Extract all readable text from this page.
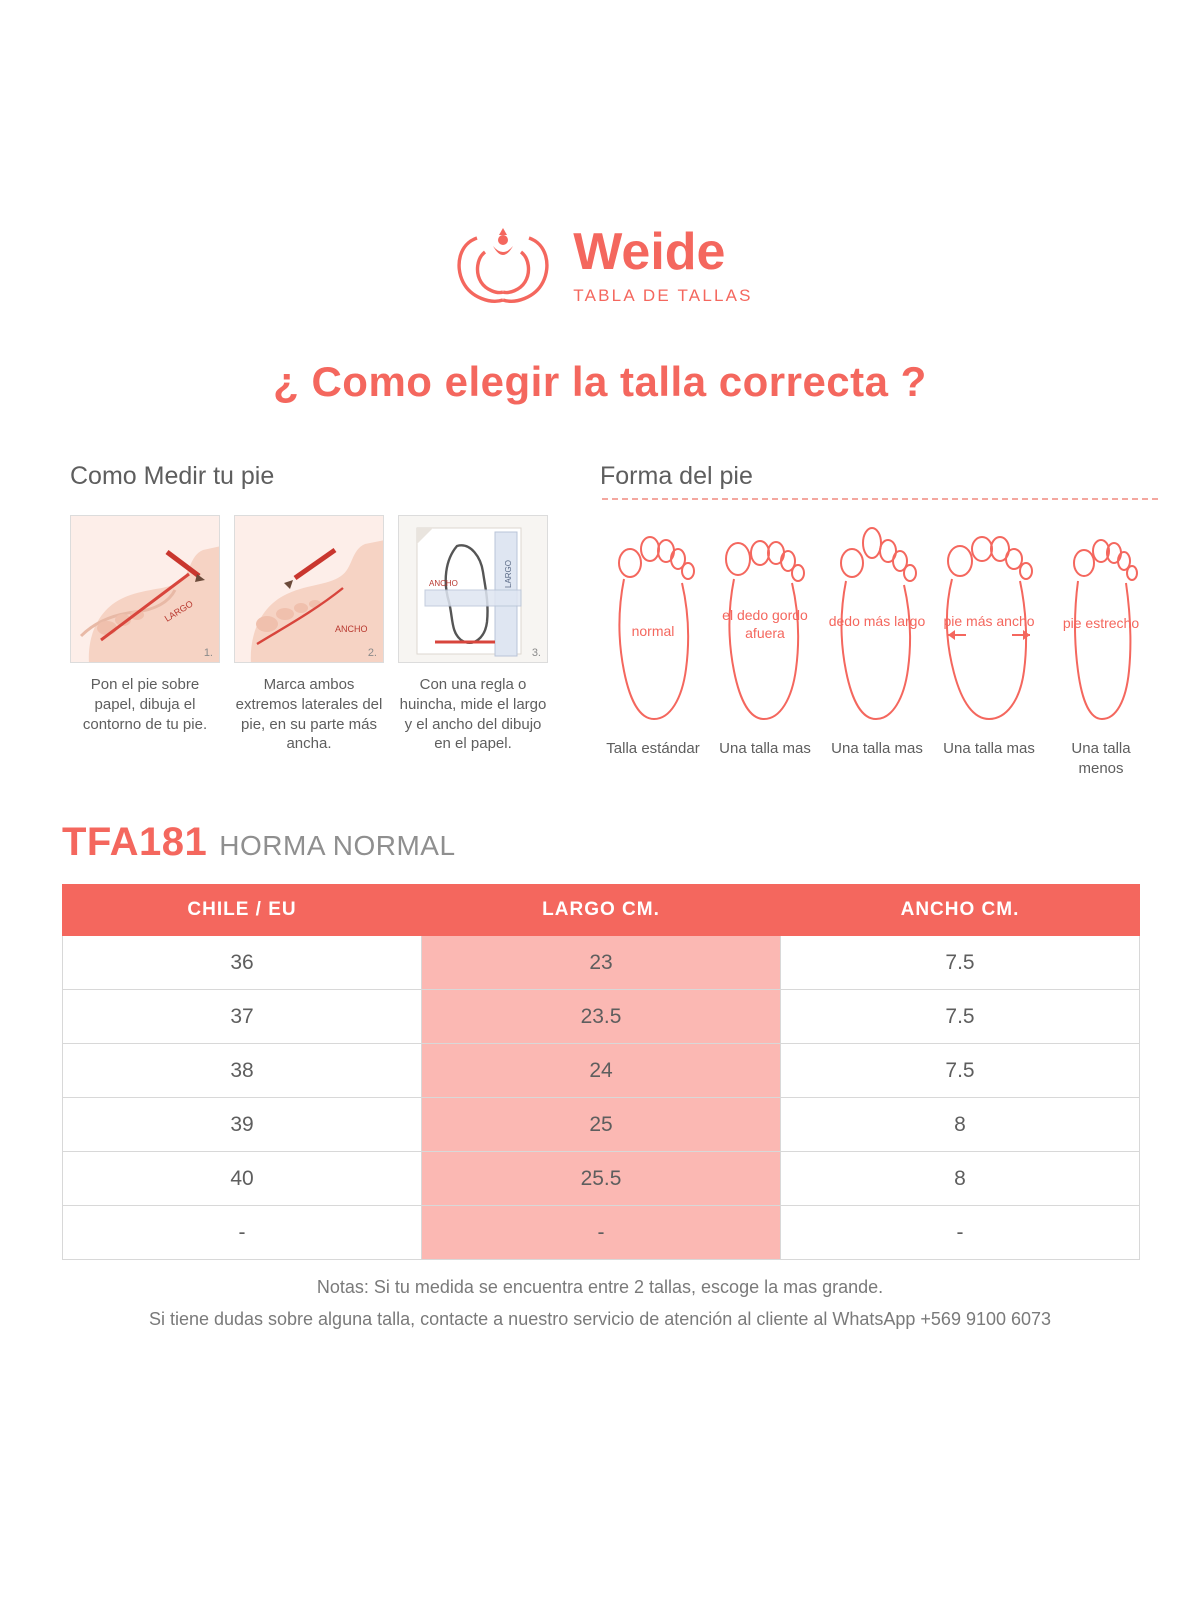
Weide
TABLA DE TALLAS
¿ Como elegir la talla correcta ?
Como Medir tu pie
LARGO
1.
ANCHO
2.
ANCHO	LARGO
3.
Pon el pie sobre papel, dibuja el contorno de tu pie.
Marca ambos extremos laterales del pie, en su parte más ancha.
Con una regla o huincha, mide el largo y el ancho del dibujo en el papel.
Forma del pie
normal
Talla estándar
el dedo gordo afuera
Una talla mas
dedo más largo
Una talla mas
pie más ancho
Una talla mas
pie estrecho
Una talla menos
TFA181 HORMA NORMAL
CHILE / EU	LARGO CM.	ANCHO CM.
36	23	7.5
37	23.5	7.5
38	24	7.5
39	25	8
40	25.5	8
-	-	-
Notas: Si tu medida se encuentra entre 2 tallas, escoge la mas grande.
Si tiene dudas sobre alguna talla, contacte a nuestro servicio de atención al cliente al WhatsApp +569 9100 6073
